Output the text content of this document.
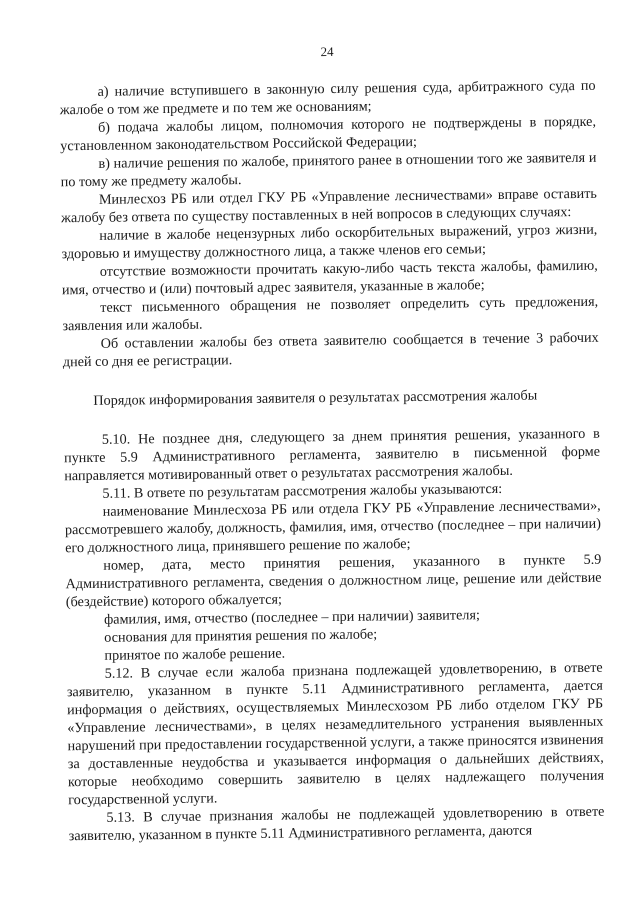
24

а) наличие вступившего в законную силу решения суда, арбитражного суда по жалобе о том же предмете и по тем же основаниям;

б) подача жалобы лицом, полномочия которого не подтверждены в порядке, установленном законодательством Российской Федерации;

в) наличие решения по жалобе, принятого ранее в отношении того же заявителя и по тому же предмету жалобы.

Минлесхоз РБ или отдел ГКУ РБ «Управление лесничествами» вправе оставить жалобу без ответа по существу поставленных в ней вопросов в следующих случаях:

наличие в жалобе нецензурных либо оскорбительных выражений, угроз жизни, здоровью и имуществу должностного лица, а также членов его семьи;

отсутствие возможности прочитать какую-либо часть текста жалобы, фамилию, имя, отчество и (или) почтовый адрес заявителя, указанные в жалобе;

текст письменного обращения не позволяет определить суть предложения, заявления или жалобы.

Об оставлении жалобы без ответа заявителю сообщается в течение 3 рабочих дней со дня ее регистрации.

Порядок информирования заявителя о результатах рассмотрения жалобы

5.10. Не позднее дня, следующего за днем принятия решения, указанного в пункте 5.9 Административного регламента, заявителю в письменной форме направляется мотивированный ответ о результатах рассмотрения жалобы.

5.11. В ответе по результатам рассмотрения жалобы указываются:

наименование Минлесхоза РБ или отдела ГКУ РБ «Управление лесничествами», рассмотревшего жалобу, должность, фамилия, имя, отчество (последнее – при наличии) его должностного лица, принявшего решение по жалобе;

номер, дата, место принятия решения, указанного в пункте 5.9 Административного регламента, сведения о должностном лице, решение или действие (бездействие) которого обжалуется;

фамилия, имя, отчество (последнее – при наличии) заявителя;

основания для принятия решения по жалобе;

принятое по жалобе решение.

5.12. В случае если жалоба признана подлежащей удовлетворению, в ответе заявителю, указанном в пункте 5.11 Административного регламента, дается информация о действиях, осуществляемых Минлесхозом РБ либо отделом ГКУ РБ «Управление лесничествами», в целях незамедлительного устранения выявленных нарушений при предоставлении государственной услуги, а также приносятся извинения за доставленные неудобства и указывается информация о дальнейших действиях, которые необходимо совершить заявителю в целях надлежащего получения государственной услуги.

5.13. В случае признания жалобы не подлежащей удовлетворению в ответе заявителю, указанном в пункте 5.11 Административного регламента, даются
